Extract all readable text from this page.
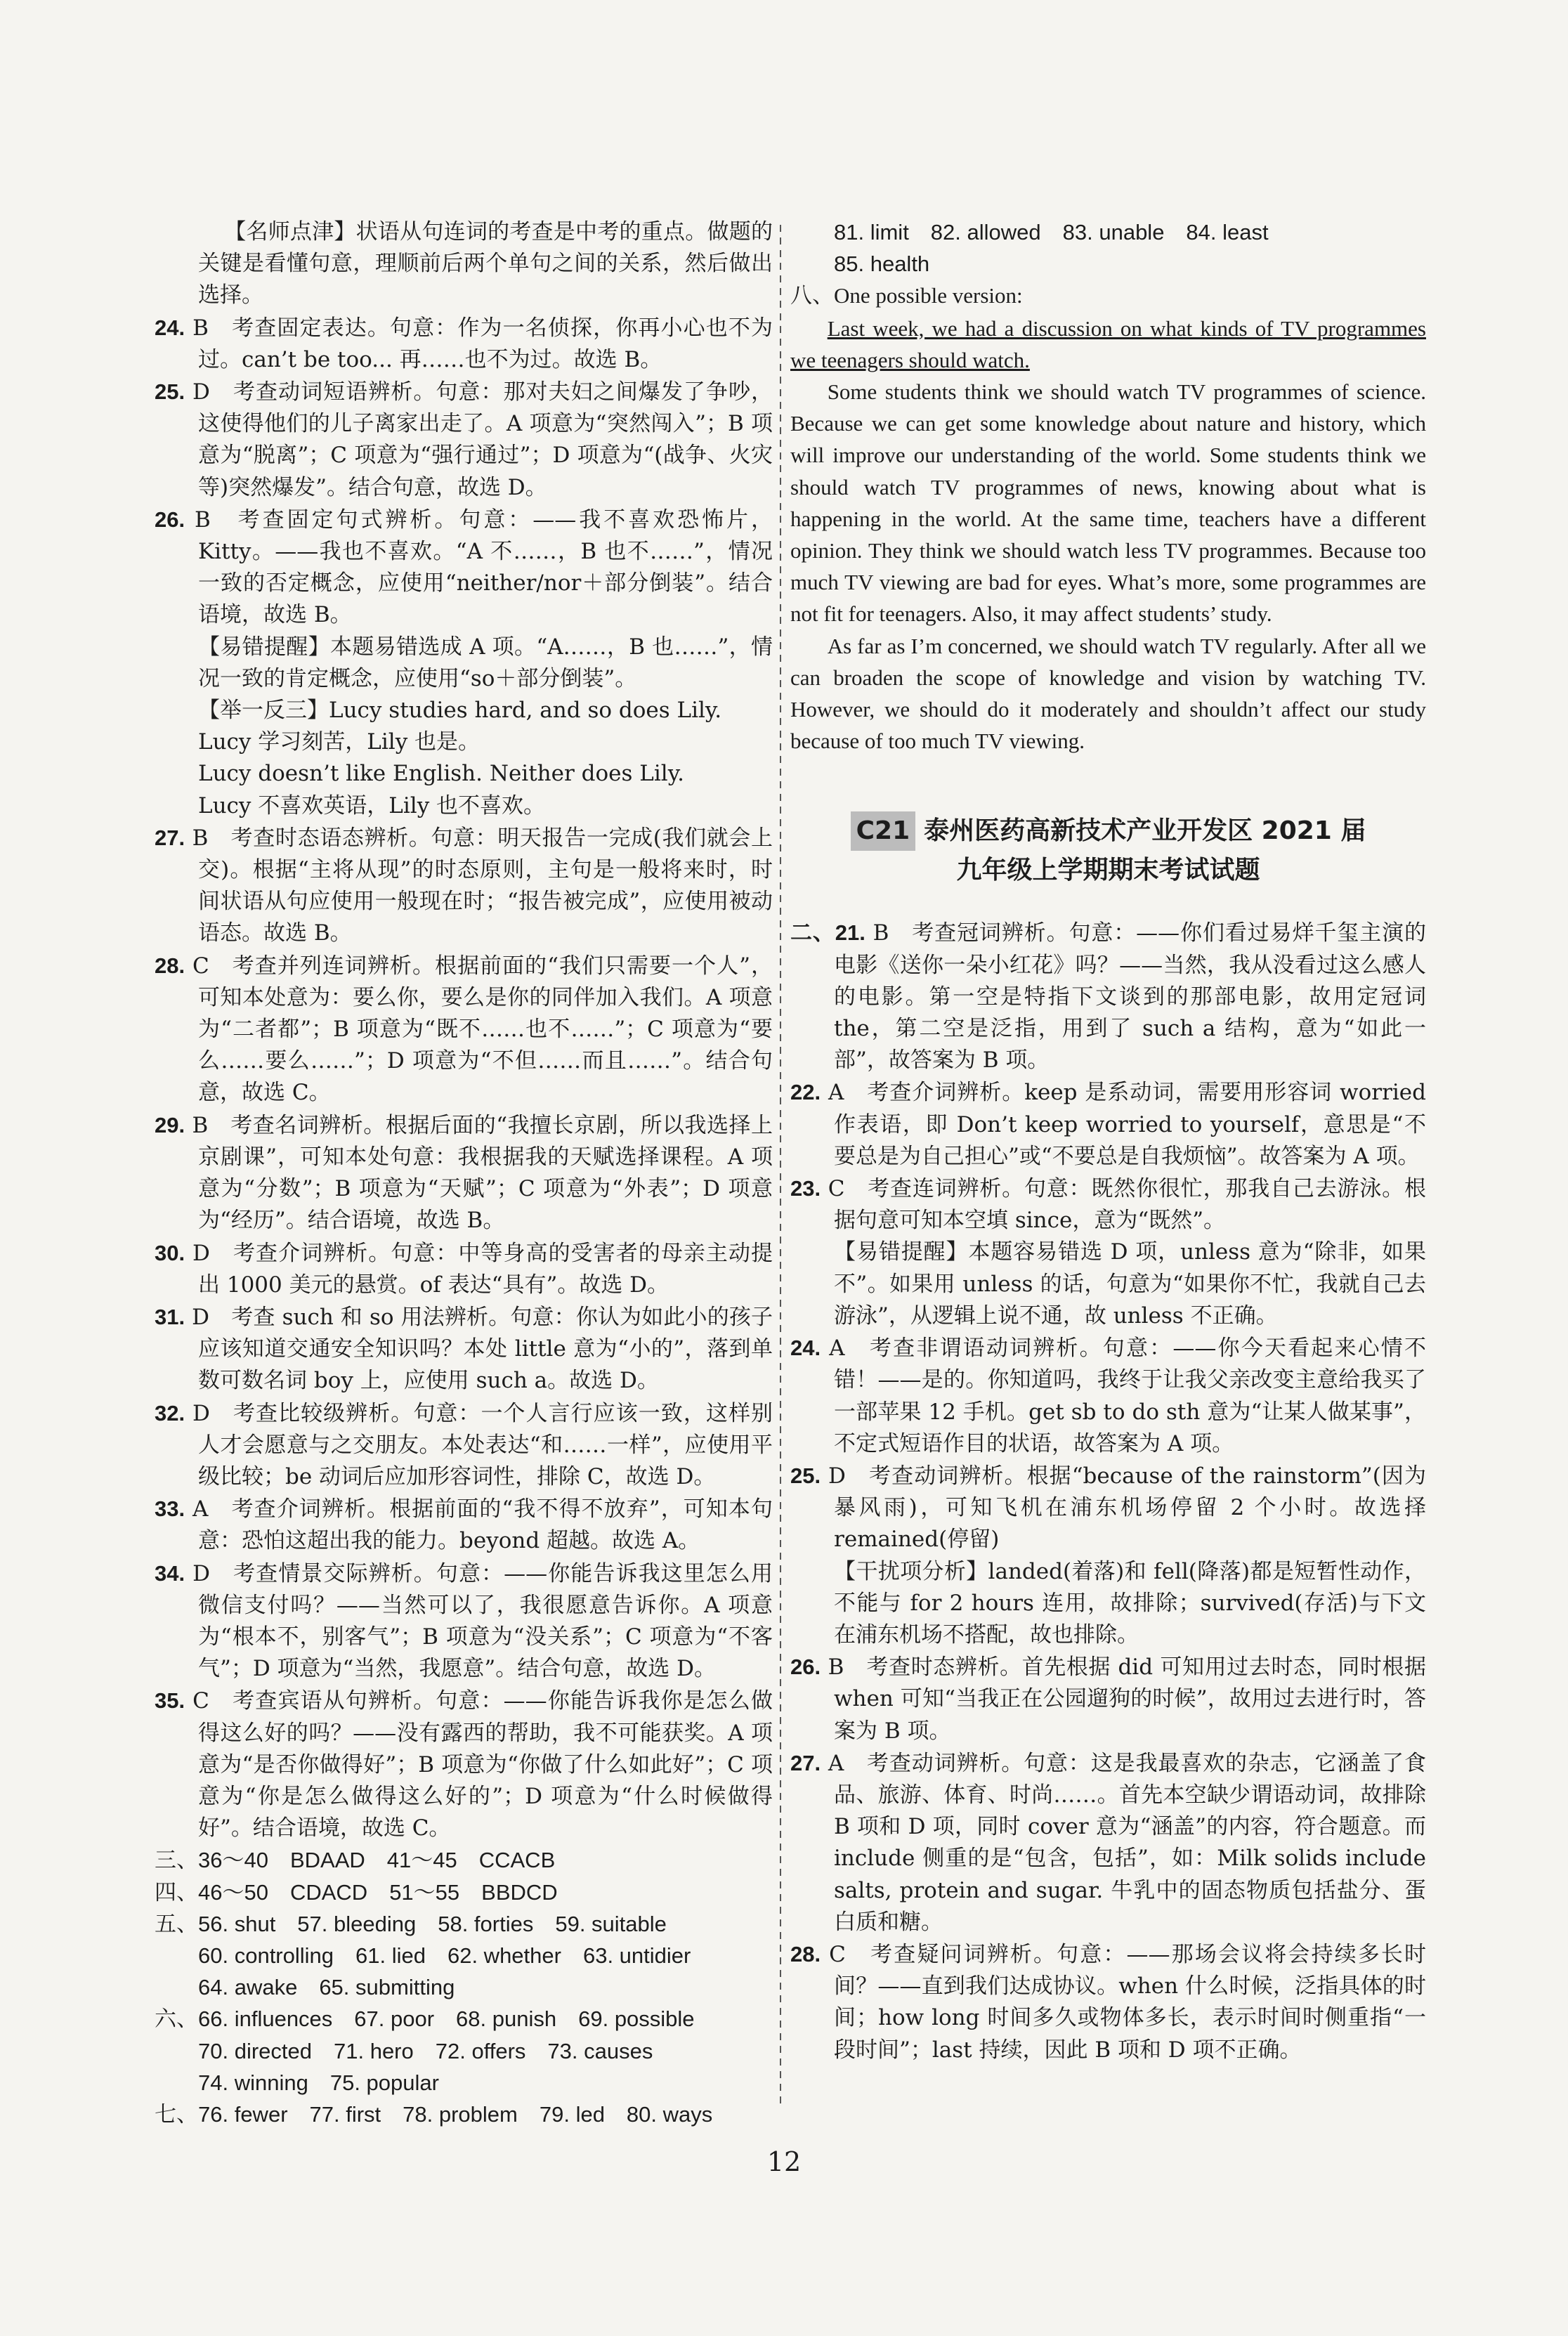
【名师点津】状语从句连词的考查是中考的重点。做题的关键是看懂句意，理顺前后两个单句之间的关系，然后做出选择。

24. B　考查固定表达。句意：作为一名侦探，你再小心也不为过。can’t be too... 再……也不为过。故选 B。

25. D　考查动词短语辨析。句意：那对夫妇之间爆发了争吵，这使得他们的儿子离家出走了。A 项意为“突然闯入”；B 项意为“脱离”；C 项意为“强行通过”；D 项意为“(战争、火灾等)突然爆发”。结合句意，故选 D。

26. B　考查固定句式辨析。句意：——我不喜欢恐怖片，Kitty。——我也不喜欢。“A 不……，B 也不……”，情况一致的否定概念，应使用“neither/nor＋部分倒装”。结合语境，故选 B。

【易错提醒】本题易错选成 A 项。“A……，B 也……”，情况一致的肯定概念，应使用“so＋部分倒装”。

【举一反三】Lucy studies hard, and so does Lily.

Lucy 学习刻苦，Lily 也是。

Lucy doesn’t like English. Neither does Lily.

Lucy 不喜欢英语，Lily 也不喜欢。

27. B　考查时态语态辨析。句意：明天报告一完成(我们就会上交)。根据“主将从现”的时态原则，主句是一般将来时，时间状语从句应使用一般现在时；“报告被完成”，应使用被动语态。故选 B。

28. C　考查并列连词辨析。根据前面的“我们只需要一个人”，可知本处意为：要么你，要么是你的同伴加入我们。A 项意为“二者都”；B 项意为“既不……也不……”；C 项意为“要么……要么……”；D 项意为“不但……而且……”。结合句意，故选 C。

29. B　考查名词辨析。根据后面的“我擅长京剧，所以我选择上京剧课”，可知本处句意：我根据我的天赋选择课程。A 项意为“分数”；B 项意为“天赋”；C 项意为“外表”；D 项意为“经历”。结合语境，故选 B。

30. D　考查介词辨析。句意：中等身高的受害者的母亲主动提出 1000 美元的悬赏。of 表达“具有”。故选 D。

31. D　考查 such 和 so 用法辨析。句意：你认为如此小的孩子应该知道交通安全知识吗？本处 little 意为“小的”，落到单数可数名词 boy 上，应使用 such a。故选 D。

32. D　考查比较级辨析。句意：一个人言行应该一致，这样别人才会愿意与之交朋友。本处表达“和……一样”，应使用平级比较；be 动词后应加形容词性，排除 C，故选 D。

33. A　考查介词辨析。根据前面的“我不得不放弃”，可知本句意：恐怕这超出我的能力。beyond 超越。故选 A。

34. D　考查情景交际辨析。句意：——你能告诉我这里怎么用微信支付吗？——当然可以了，我很愿意告诉你。A 项意为“根本不，别客气”；B 项意为“没关系”；C 项意为“不客气”；D 项意为“当然，我愿意”。结合句意，故选 D。

35. C　考查宾语从句辨析。句意：——你能告诉我你是怎么做得这么好的吗？——没有露西的帮助，我不可能获奖。A 项意为“是否你做得好”；B 项意为“你做了什么如此好”；C 项意为“你是怎么做得这么好的”；D 项意为“什么时候做得好”。结合语境，故选 C。

三、36～40　BDAAD　41～45　CCACB

四、46～50　CDACD　51～55　BBDCD

五、56. shut　57. bleeding　58. forties　59. suitable

60. controlling　61. lied　62. whether　63. untidier

64. awake　65. submitting

六、66. influences　67. poor　68. punish　69. possible

70. directed　71. hero　72. offers　73. causes

74. winning　75. popular

七、76. fewer　77. first　78. problem　79. led　80. ways

81. limit　82. allowed　83. unable　84. least

85. health

八、One possible version:

Last week, we had a discussion on what kinds of TV programmes we teenagers should watch.

Some students think we should watch TV programmes of science. Because we can get some knowledge about nature and history, which will improve our understanding of the world. Some students think we should watch TV programmes of news, knowing about what is happening in the world. At the same time, teachers have a different opinion. They think we should watch less TV programmes. Because too much TV viewing are bad for eyes. What’s more, some programmes are not fit for teenagers. Also, it may affect students’ study.

As far as I’m concerned, we should watch TV regularly. After all we can broaden the scope of knowledge and vision by watching TV. However, we should do it moderately and shouldn’t affect our study because of too much TV viewing.

C21 泰州医药高新技术产业开发区 2021 届
九年级上学期期末考试试题

二、21. B　考查冠词辨析。句意：——你们看过易烊千玺主演的电影《送你一朵小红花》吗？——当然，我从没看过这么感人的电影。第一空是特指下文谈到的那部电影，故用定冠词 the，第二空是泛指，用到了 such a 结构，意为“如此一部”，故答案为 B 项。

22. A　考查介词辨析。keep 是系动词，需要用形容词 worried 作表语，即 Don’t keep worried to yourself，意思是“不要总是为自己担心”或“不要总是自我烦恼”。故答案为 A 项。

23. C　考查连词辨析。句意：既然你很忙，那我自己去游泳。根据句意可知本空填 since，意为“既然”。

【易错提醒】本题容易错选 D 项，unless 意为“除非，如果不”。如果用 unless 的话，句意为“如果你不忙，我就自己去游泳”，从逻辑上说不通，故 unless 不正确。

24. A　考查非谓语动词辨析。句意：——你今天看起来心情不错！——是的。你知道吗，我终于让我父亲改变主意给我买了一部苹果 12 手机。get sb to do sth 意为“让某人做某事”，不定式短语作目的状语，故答案为 A 项。

25. D　考查动词辨析。根据“because of the rainstorm”(因为暴风雨)，可知飞机在浦东机场停留 2 个小时。故选择 remained(停留)

【干扰项分析】landed(着落)和 fell(降落)都是短暂性动作，不能与 for 2 hours 连用，故排除；survived(存活)与下文在浦东机场不搭配，故也排除。

26. B　考查时态辨析。首先根据 did 可知用过去时态，同时根据 when 可知“当我正在公园遛狗的时候”，故用过去进行时，答案为 B 项。

27. A　考查动词辨析。句意：这是我最喜欢的杂志，它涵盖了食品、旅游、体育、时尚……。首先本空缺少谓语动词，故排除 B 项和 D 项，同时 cover 意为“涵盖”的内容，符合题意。而 include 侧重的是“包含，包括”，如：Milk solids include salts, protein and sugar. 牛乳中的固态物质包括盐分、蛋白质和糖。

28. C　考查疑问词辨析。句意：——那场会议将会持续多长时间？——直到我们达成协议。when 什么时候，泛指具体的时间；how long 时间多久或物体多长，表示时间时侧重指“一段时间”；last 持续，因此 B 项和 D 项不正确。

12
